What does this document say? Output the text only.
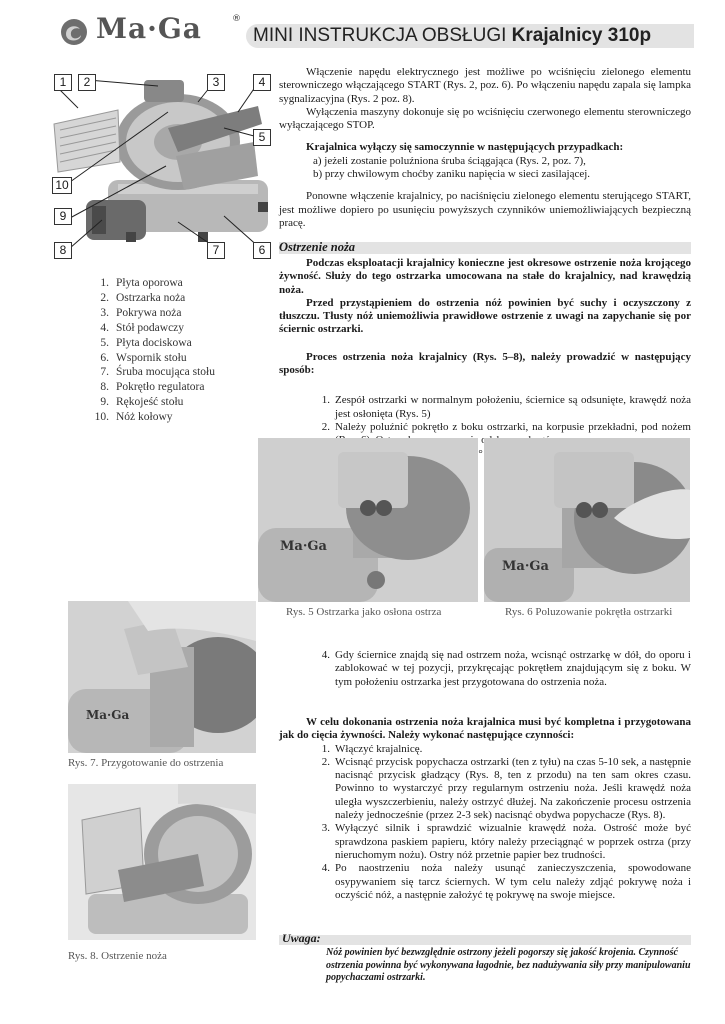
Ma·Ga	®
MINI INSTRUKCJA OBSŁUGI Krajalnicy 310p
1	2	3	4
5
10
9
8	7	6
1. Płyta oporowa
2. Ostrzarka noża
3. Pokrywa noża
4. Stół podawczy
5. Płyta dociskowa
6. Wspornik stołu
7. Śruba mocująca stołu
8. Pokrętło regulatora
9. Rękojeść stołu
10. Nóż kołowy

Włączenie napędu elektrycznego jest możliwe po wciśnięciu zielonego elementu sterowniczego włączającego START (Rys. 2, poz. 6). Po włączeniu napędu zapala się lampka sygnalizacyjna (Rys. 2 poz. 8).

Wyłączenia maszyny dokonuje się po wciśnięciu czerwonego elementu sterowniczego wyłączającego STOP.

Krajalnica wyłączy się samoczynnie w następujących przypadkach:

a) jeżeli zostanie poluźniona śruba ściągająca (Rys. 2, poz. 7),

b) przy chwilowym choćby zaniku napięcia w sieci zasilającej.

Ponowne włączenie krajalnicy, po naciśnięciu zielonego elementu sterującego START, jest możliwe dopiero po usunięciu powyższych czynników uniemożliwiających bezpieczną pracę.

Ostrzenie noża

Podczas eksploatacji krajalnicy konieczne jest okresowe ostrzenie noża krojącego żywność. Służy do tego ostrzarka umocowana na stałe do krajalnicy, nad krawędzią noża.

Przed przystąpieniem do ostrzenia nóż powinien być suchy i oczyszczony z tłuszczu. Tłusty nóż uniemożliwia prawidłowe ostrzenie z uwagi na zapychanie się por ściernic ostrzarki.

Proces ostrzenia noża krajalnicy (Rys. 5–8), należy prowadzić w następujący sposób:

1. Zespół ostrzarki w normalnym położeniu, ściernice są odsunięte, krawędź noża jest osłonięta (Rys. 5)
2. Należy poluźnić pokrętło z boku ostrzarki, na korpusie przekładni, pod nożem
Ma·Ga
Ma·Ga
Rys. 5 Ostrzarka jako osłona ostrza	Rys. 6 Poluzowanie pokrętła ostrzarki
4. Gdy ściernice znajdą się nad ostrzem noża, wcisnąć ostrzarkę w dół, do oporu i zablokować w tej pozycji, przykręcając pokrętłem znajdującym się z boku. W tym położeniu ostrzarka jest przygotowana do ostrzenia noża.
Ma·Ga
Rys. 7. Przygotowanie do ostrzenia

W celu dokonania ostrzenia noża krajalnica musi być kompletna i przygotowana jak do cięcia żywności. Należy wykonać następujące czynności:

1. Włączyć krajalnicę.
2. Wcisnąć przycisk popychacza ostrzarki (ten z tyłu) na czas 5-10 sek, a następnie nacisnąć przycisk gładzący (Rys. 8, ten z przodu) na ten sam okres czasu. Powinno to wystarczyć przy regularnym ostrzeniu noża. Jeśli krawędź noża uległa wyszczerbieniu, należy ostrzyć dłużej. Na zakończenie procesu ostrzenia należy jednocześnie (przez 2-3 sek) nacisnąć obydwa popychacze (Rys. 8).
3. Wyłączyć silnik i sprawdzić wizualnie krawędź noża. Ostrość może być sprawdzona paskiem papieru, który należy przeciągnąć w poprzek ostrza (przy nieruchomym nożu). Ostry nóż przetnie papier bez trudności.
4. Po naostrzeniu noża należy usunąć zanieczyszczenia, spowodowane osypywaniem się tarcz ściernych. W tym celu należy zdjąć pokrywę noża i oczyścić nóż, a następnie założyć tę pokrywę na swoje miejsce.
Rys. 8. Ostrzenie noża
Uwaga:
Nóż powinien być bezwzględnie ostrzony jeżeli pogorszy się jakość krojenia. Czynność ostrzenia powinna być wykonywana łagodnie, bez nadużywania siły przy manipulowaniu popychaczami ostrzarki.
